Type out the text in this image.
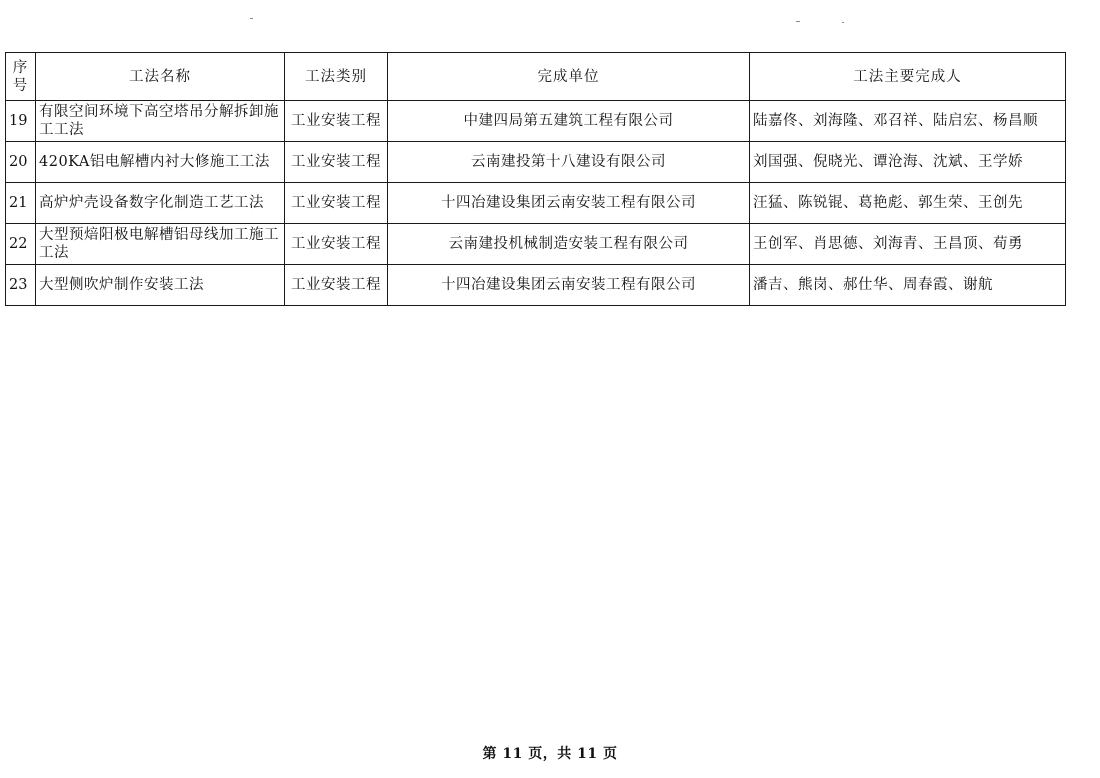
序号	工法名称	工法类别	完成单位	工法主要完成人
19	有限空间环境下高空塔吊分解拆卸施工工法	工业安装工程	中建四局第五建筑工程有限公司	陆嘉佟、刘海隆、邓召祥、陆启宏、杨昌顺
20	420KA铝电解槽内衬大修施工工法	工业安装工程	云南建投第十八建设有限公司	刘国强、倪晓光、谭沧海、沈斌、王学娇
21	高炉炉壳设备数字化制造工艺工法	工业安装工程	十四冶建设集团云南安装工程有限公司	汪猛、陈锐锟、葛艳彪、郭生荣、王创先
22	大型预焙阳极电解槽铝母线加工施工工法	工业安装工程	云南建投机械制造安装工程有限公司	王创军、肖思德、刘海青、王昌顶、荀勇
23	大型侧吹炉制作安装工法	工业安装工程	十四冶建设集团云南安装工程有限公司	潘吉、熊岗、郝仕华、周春霞、谢航
第 11 页，共 11 页
